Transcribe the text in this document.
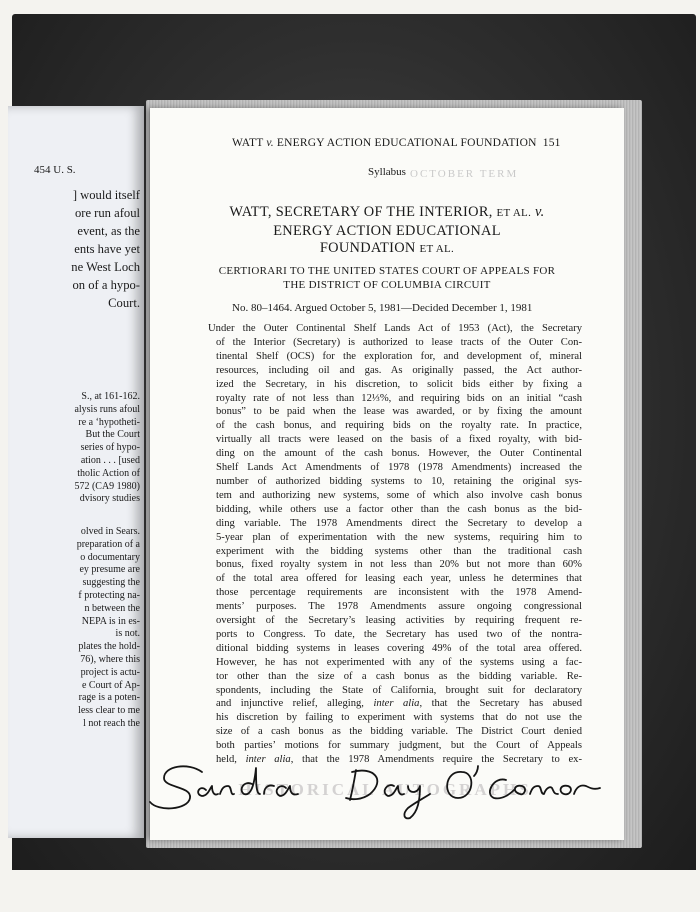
454 U. S.
] would itself
ore run afoul
event, as the
ents have yet
ne West Loch
on of a hypo-
Court.
S., at 161-162.
alysis runs afoul
re a ‘hypotheti-
But the Court
series of hypo-
ation . . . [used
tholic Action of
572 (CA9 1980)
dvisory studies
olved in Sears.
preparation of a
o documentary
ey presume are
suggesting the
f protecting na-
n between the
NEPA is in es-
is not.
plates the hold-
76), where this
project is actu-
e Court of Ap-
rage is a poten-
less clear to me
l not reach the
OCTOBER TERM
WATT v. ENERGY ACTION EDUCATIONAL FOUNDATION 151
Syllabus
WATT, SECRETARY OF THE INTERIOR, ET AL. v.
ENERGY ACTION EDUCATIONAL
FOUNDATION ET AL.
CERTIORARI TO THE UNITED STATES COURT OF APPEALS FOR
THE DISTRICT OF COLUMBIA CIRCUIT
No. 80–1464. Argued October 5, 1981—Decided December 1, 1981
Under the Outer Continental Shelf Lands Act of 1953 (Act), the Secretary
of the Interior (Secretary) is authorized to lease tracts of the Outer Con-
tinental Shelf (OCS) for the exploration for, and development of, mineral
resources, including oil and gas. As originally passed, the Act author-
ized the Secretary, in his discretion, to solicit bids either by fixing a
royalty rate of not less than 12⅓%, and requiring bids on an initial “cash
bonus” to be paid when the lease was awarded, or by fixing the amount
of the cash bonus, and requiring bids on the royalty rate. In practice,
virtually all tracts were leased on the basis of a fixed royalty, with bid-
ding on the amount of the cash bonus. However, the Outer Continental
Shelf Lands Act Amendments of 1978 (1978 Amendments) increased the
number of authorized bidding systems to 10, retaining the original sys-
tem and authorizing new systems, some of which also involve cash bonus
bidding, while others use a factor other than the cash bonus as the bid-
ding variable. The 1978 Amendments direct the Secretary to develop a
5-year plan of experimentation with the new systems, requiring him to
experiment with the bidding systems other than the traditional cash
bonus, fixed royalty system in not less than 20% but not more than 60%
of the total area offered for leasing each year, unless he determines that
those percentage requirements are inconsistent with the 1978 Amend-
ments’ purposes. The 1978 Amendments assure ongoing congressional
oversight of the Secretary’s leasing activities by requiring frequent re-
ports to Congress. To date, the Secretary has used two of the nontra-
ditional bidding systems in leases covering 49% of the total area offered.
However, he has not experimented with any of the systems using a fac-
tor other than the size of a cash bonus as the bidding variable. Re-
spondents, including the State of California, brought suit for declaratory
and injunctive relief, alleging, inter alia, that the Secretary has abused
his discretion by failing to experiment with systems that do not use the
size of a cash bonus as the bidding variable. The District Court denied
both parties’ motions for summary judgment, but the Court of Appeals
held, inter alia, that the 1978 Amendments require the Secretary to ex-
HISTORICAL AUTOGRAPHS
